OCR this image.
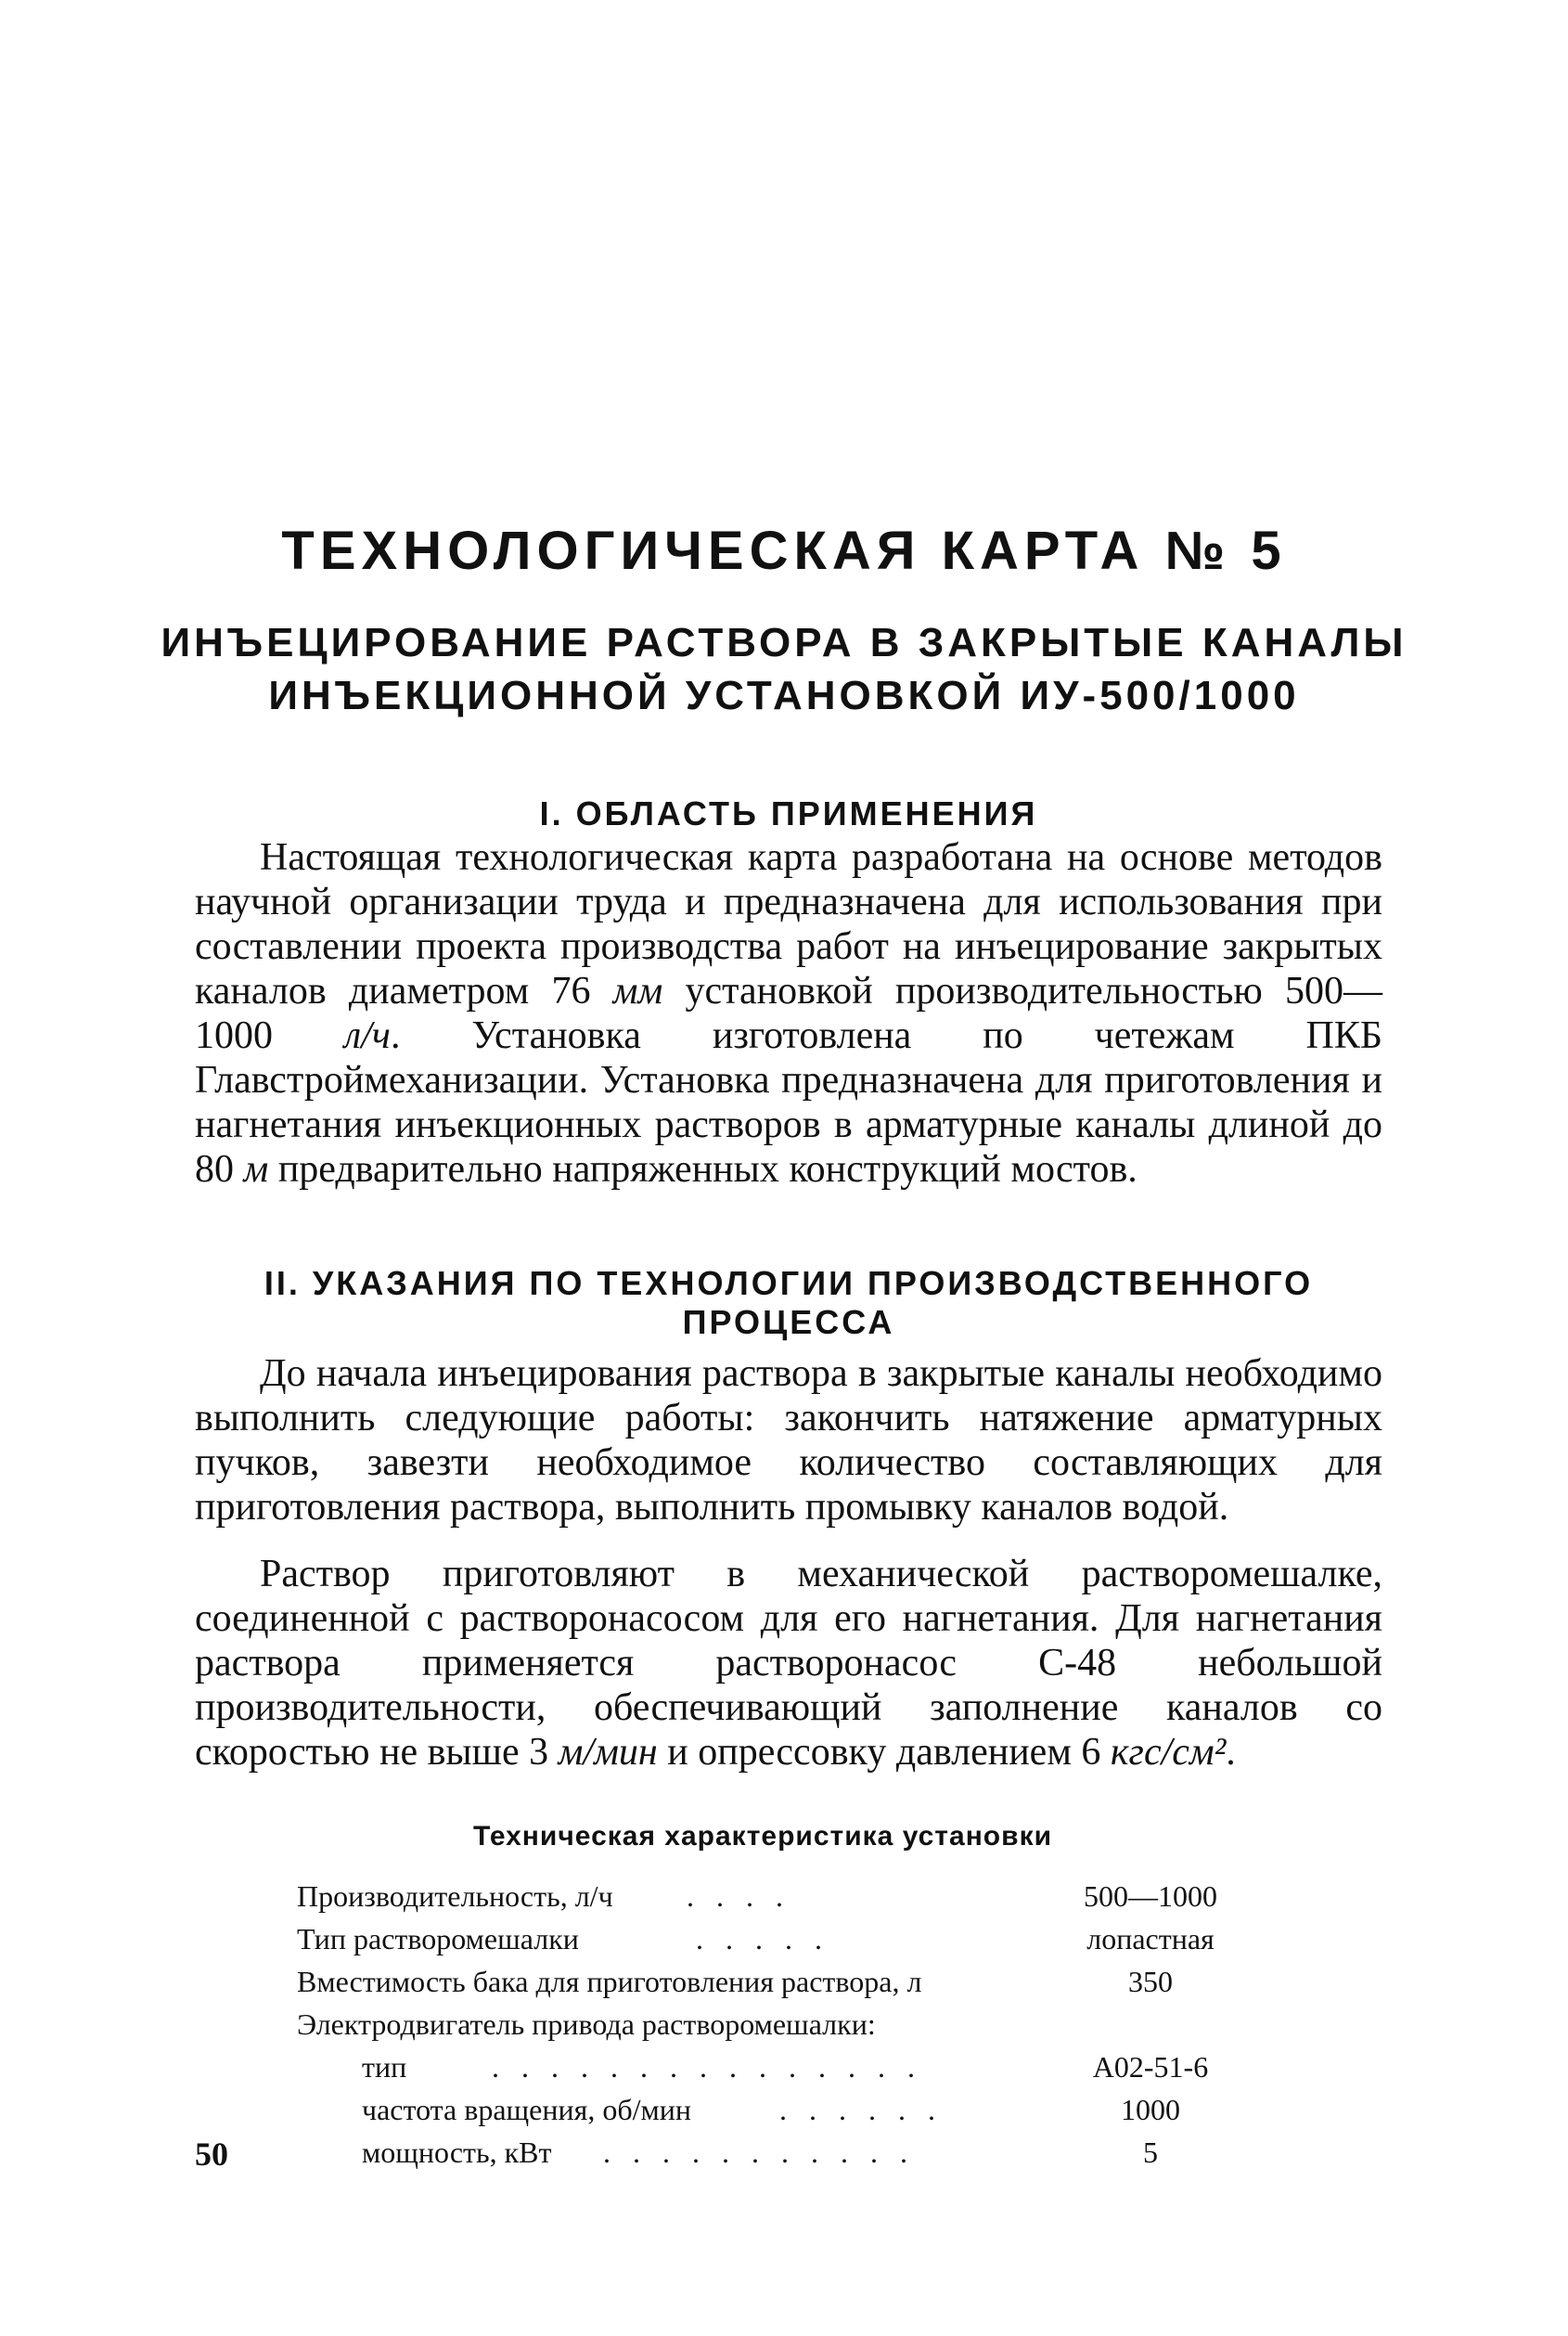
ТЕХНОЛОГИЧЕСКАЯ КАРТА № 5
ИНЪЕЦИРОВАНИЕ РАСТВОРА В ЗАКРЫТЫЕ КАНАЛЫ
ИНЪЕКЦИОННОЙ УСТАНОВКОЙ ИУ-500/1000
I. ОБЛАСТЬ ПРИМЕНЕНИЯ

Настоящая технологическая карта разработана на основе методов научной организации труда и предназначена для использования при составлении проекта производства работ на инъецирование закрытых каналов диаметром 76 мм установкой производительностью 500—1000 л/ч. Установка изготовлена по четежам ПКБ Главстроймеханизации. Установка предназначена для приготовления и нагнетания инъекционных растворов в арматурные каналы длиной до 80 м предварительно напряженных конструкций мостов.

II. УКАЗАНИЯ ПО ТЕХНОЛОГИИ ПРОИЗВОДСТВЕННОГО
ПРОЦЕССА

До начала инъецирования раствора в закрытые каналы необходимо выполнить следующие работы: закончить натяжение арматурных пучков, завезти необходимое количество составляющих для приготовления раствора, выполнить промывку каналов водой.

Раствор приготовляют в механической растворомешалке, соединенной с растворонасосом для его нагнетания. Для нагнетания раствора применяется растворонасос С-48 небольшой производительности, обеспечивающий заполнение каналов со скоростью не выше 3 м/мин и опрессовку давлением 6 кгс/см².

Техническая характеристика установки
Производительность, л/ч . . . .	500—1000
Тип растворомешалки	. . . . .	лопастная
Вместимость бака для приготовления раствора, л	350
Электродвигатель привода растворомешалки:
тип	. . . . . . . . . . . . . . .	А02-51-6
частота вращения, об/мин	. . . . . .	1000
мощность, кВт . . . . . . . . . . .	5
50
